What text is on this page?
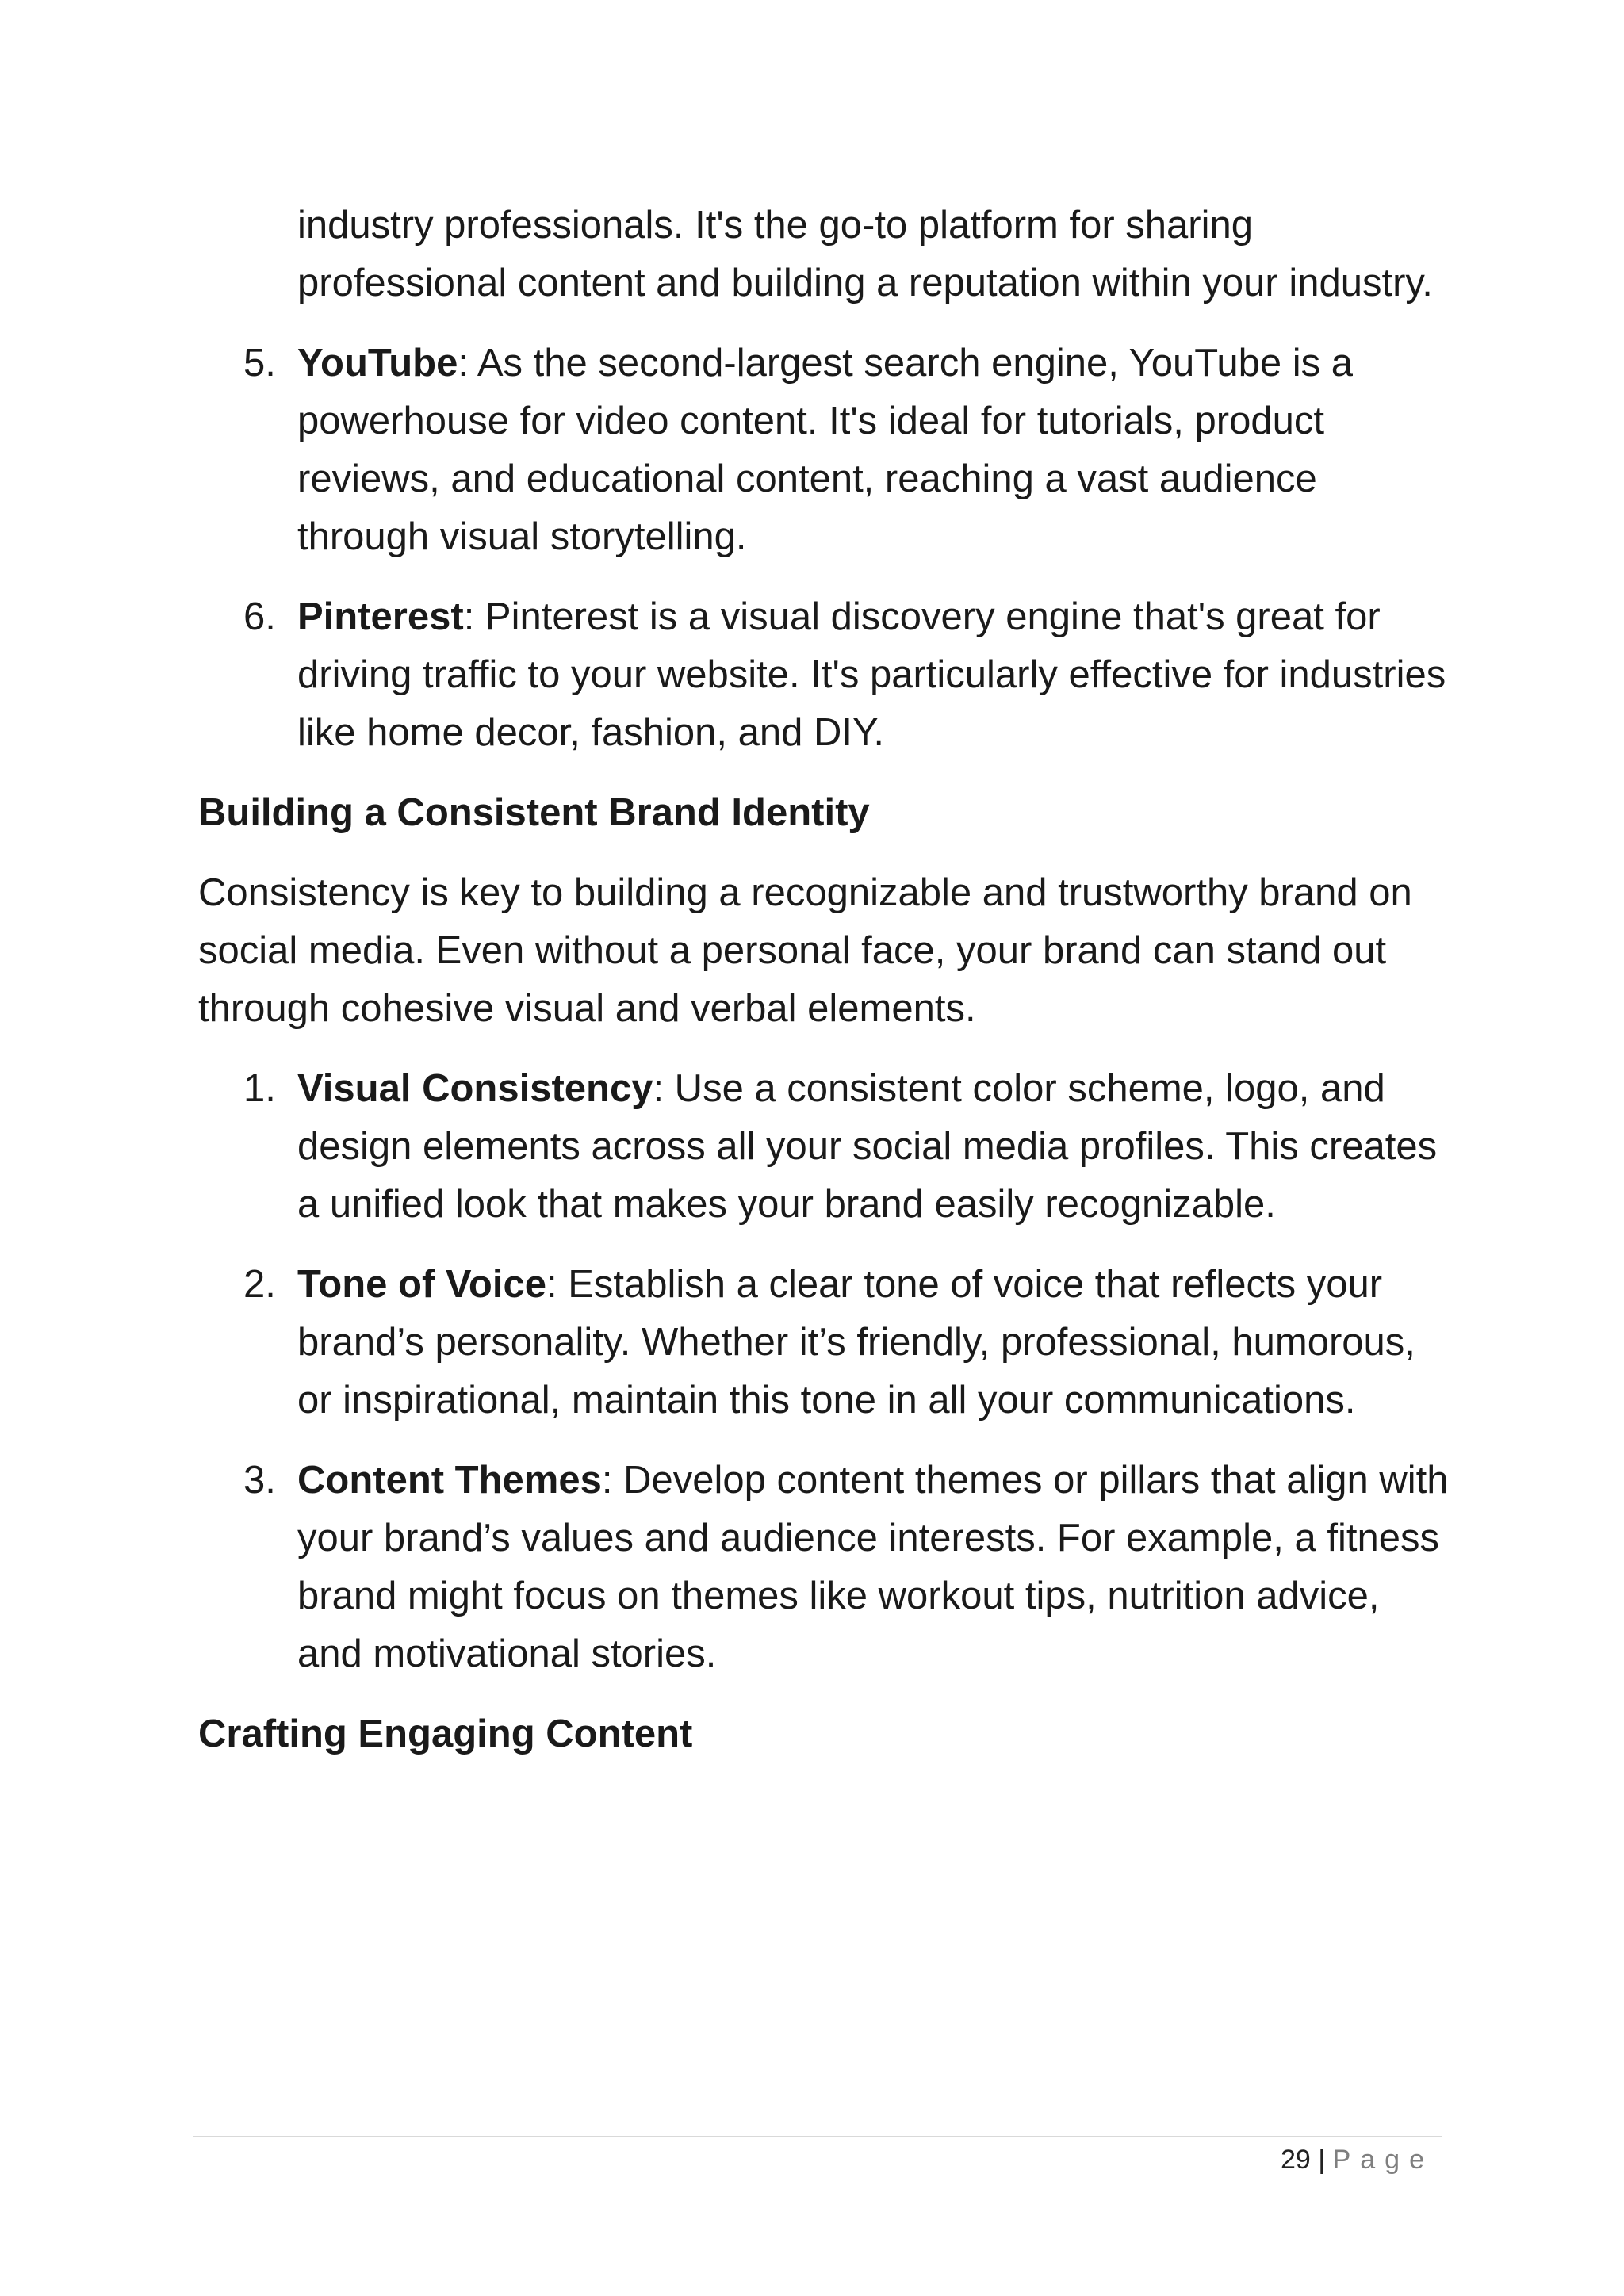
industry professionals. It's the go-to platform for sharing professional content and building a reputation within your industry.

5. YouTube: As the second-largest search engine, YouTube is a powerhouse for video content. It's ideal for tutorials, product reviews, and educational content, reaching a vast audience through visual storytelling.
6. Pinterest: Pinterest is a visual discovery engine that's great for driving traffic to your website. It's particularly effective for industries like home decor, fashion, and DIY.
Building a Consistent Brand Identity

Consistency is key to building a recognizable and trustworthy brand on social media. Even without a personal face, your brand can stand out through cohesive visual and verbal elements.

1. Visual Consistency: Use a consistent color scheme, logo, and design elements across all your social media profiles. This creates a unified look that makes your brand easily recognizable.
2. Tone of Voice: Establish a clear tone of voice that reflects your brand’s personality. Whether it’s friendly, professional, humorous, or inspirational, maintain this tone in all your communications.
3. Content Themes: Develop content themes or pillars that align with your brand’s values and audience interests. For example, a fitness brand might focus on themes like workout tips, nutrition advice, and motivational stories.
Crafting Engaging Content
29 | Page
